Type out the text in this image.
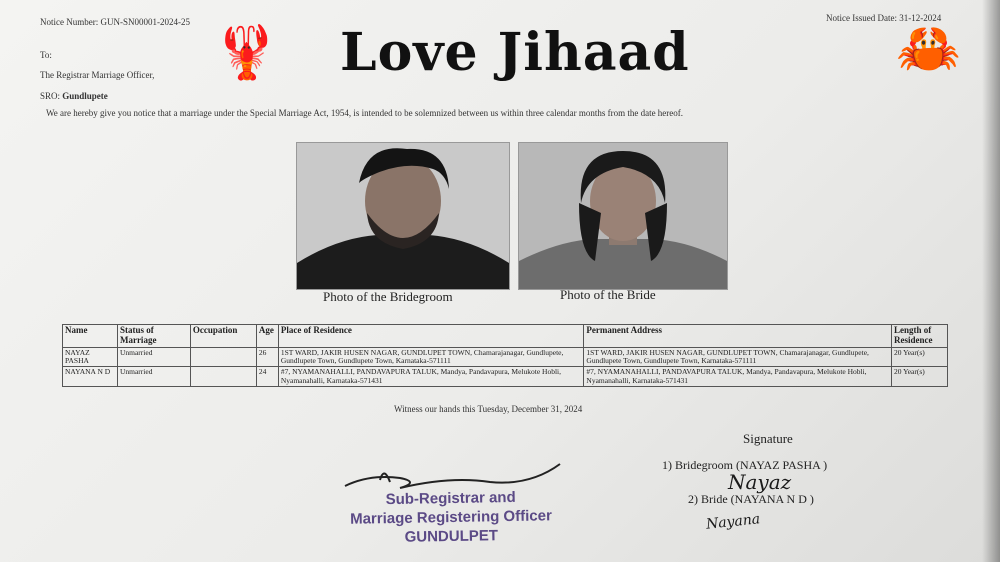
Notice Number: GUN-SN00001-2024-25	Notice Issued Date: 31-12-2024
🦞 Love Jihaad	🦀
To:
The Registrar Marriage Officer,
SRO: Gundlupete
We are hereby give you notice that a marriage under the Special Marriage Act, 1954, is intended to be solemnized between us within three calendar months from the date hereof.
Photo of the Bridegroom	Photo of the Bride
Name	Status of Marriage	Occupation	Age	Place of Residence	Permanent Address	Length of Residence
NAYAZ PASHA	Unmarried		26	1ST WARD, JAKIR HUSEN NAGAR, GUNDLUPET TOWN, Chamarajanagar, Gundlupete, Gundlupete Town, Gundlupete Town, Karnataka-571111	1ST WARD, JAKIR HUSEN NAGAR, GUNDLUPET TOWN, Chamarajanagar, Gundlupete, Gundlupete Town, Gundlupete Town, Karnataka-571111	20 Year(s)
NAYANA N D	Unmarried		24	#7, NYAMANAHALLI, PANDAVAPURA TALUK, Mandya, Pandavapura, Melukote Hobli, Nyamanahalli, Karnataka-571431	#7, NYAMANAHALLI, PANDAVAPURA TALUK, Mandya, Pandavapura, Melukote Hobli, Nyamanahalli, Karnataka-571431	20 Year(s)
Witness our hands this Tuesday, December 31, 2024
Signature
1) Bridegroom (NAYAZ PASHA )
Nayaz
2) Bride (NAYANA N D )
Nayana
Sub-Registrar and
Marriage Registering Officer
GUNDULPET
